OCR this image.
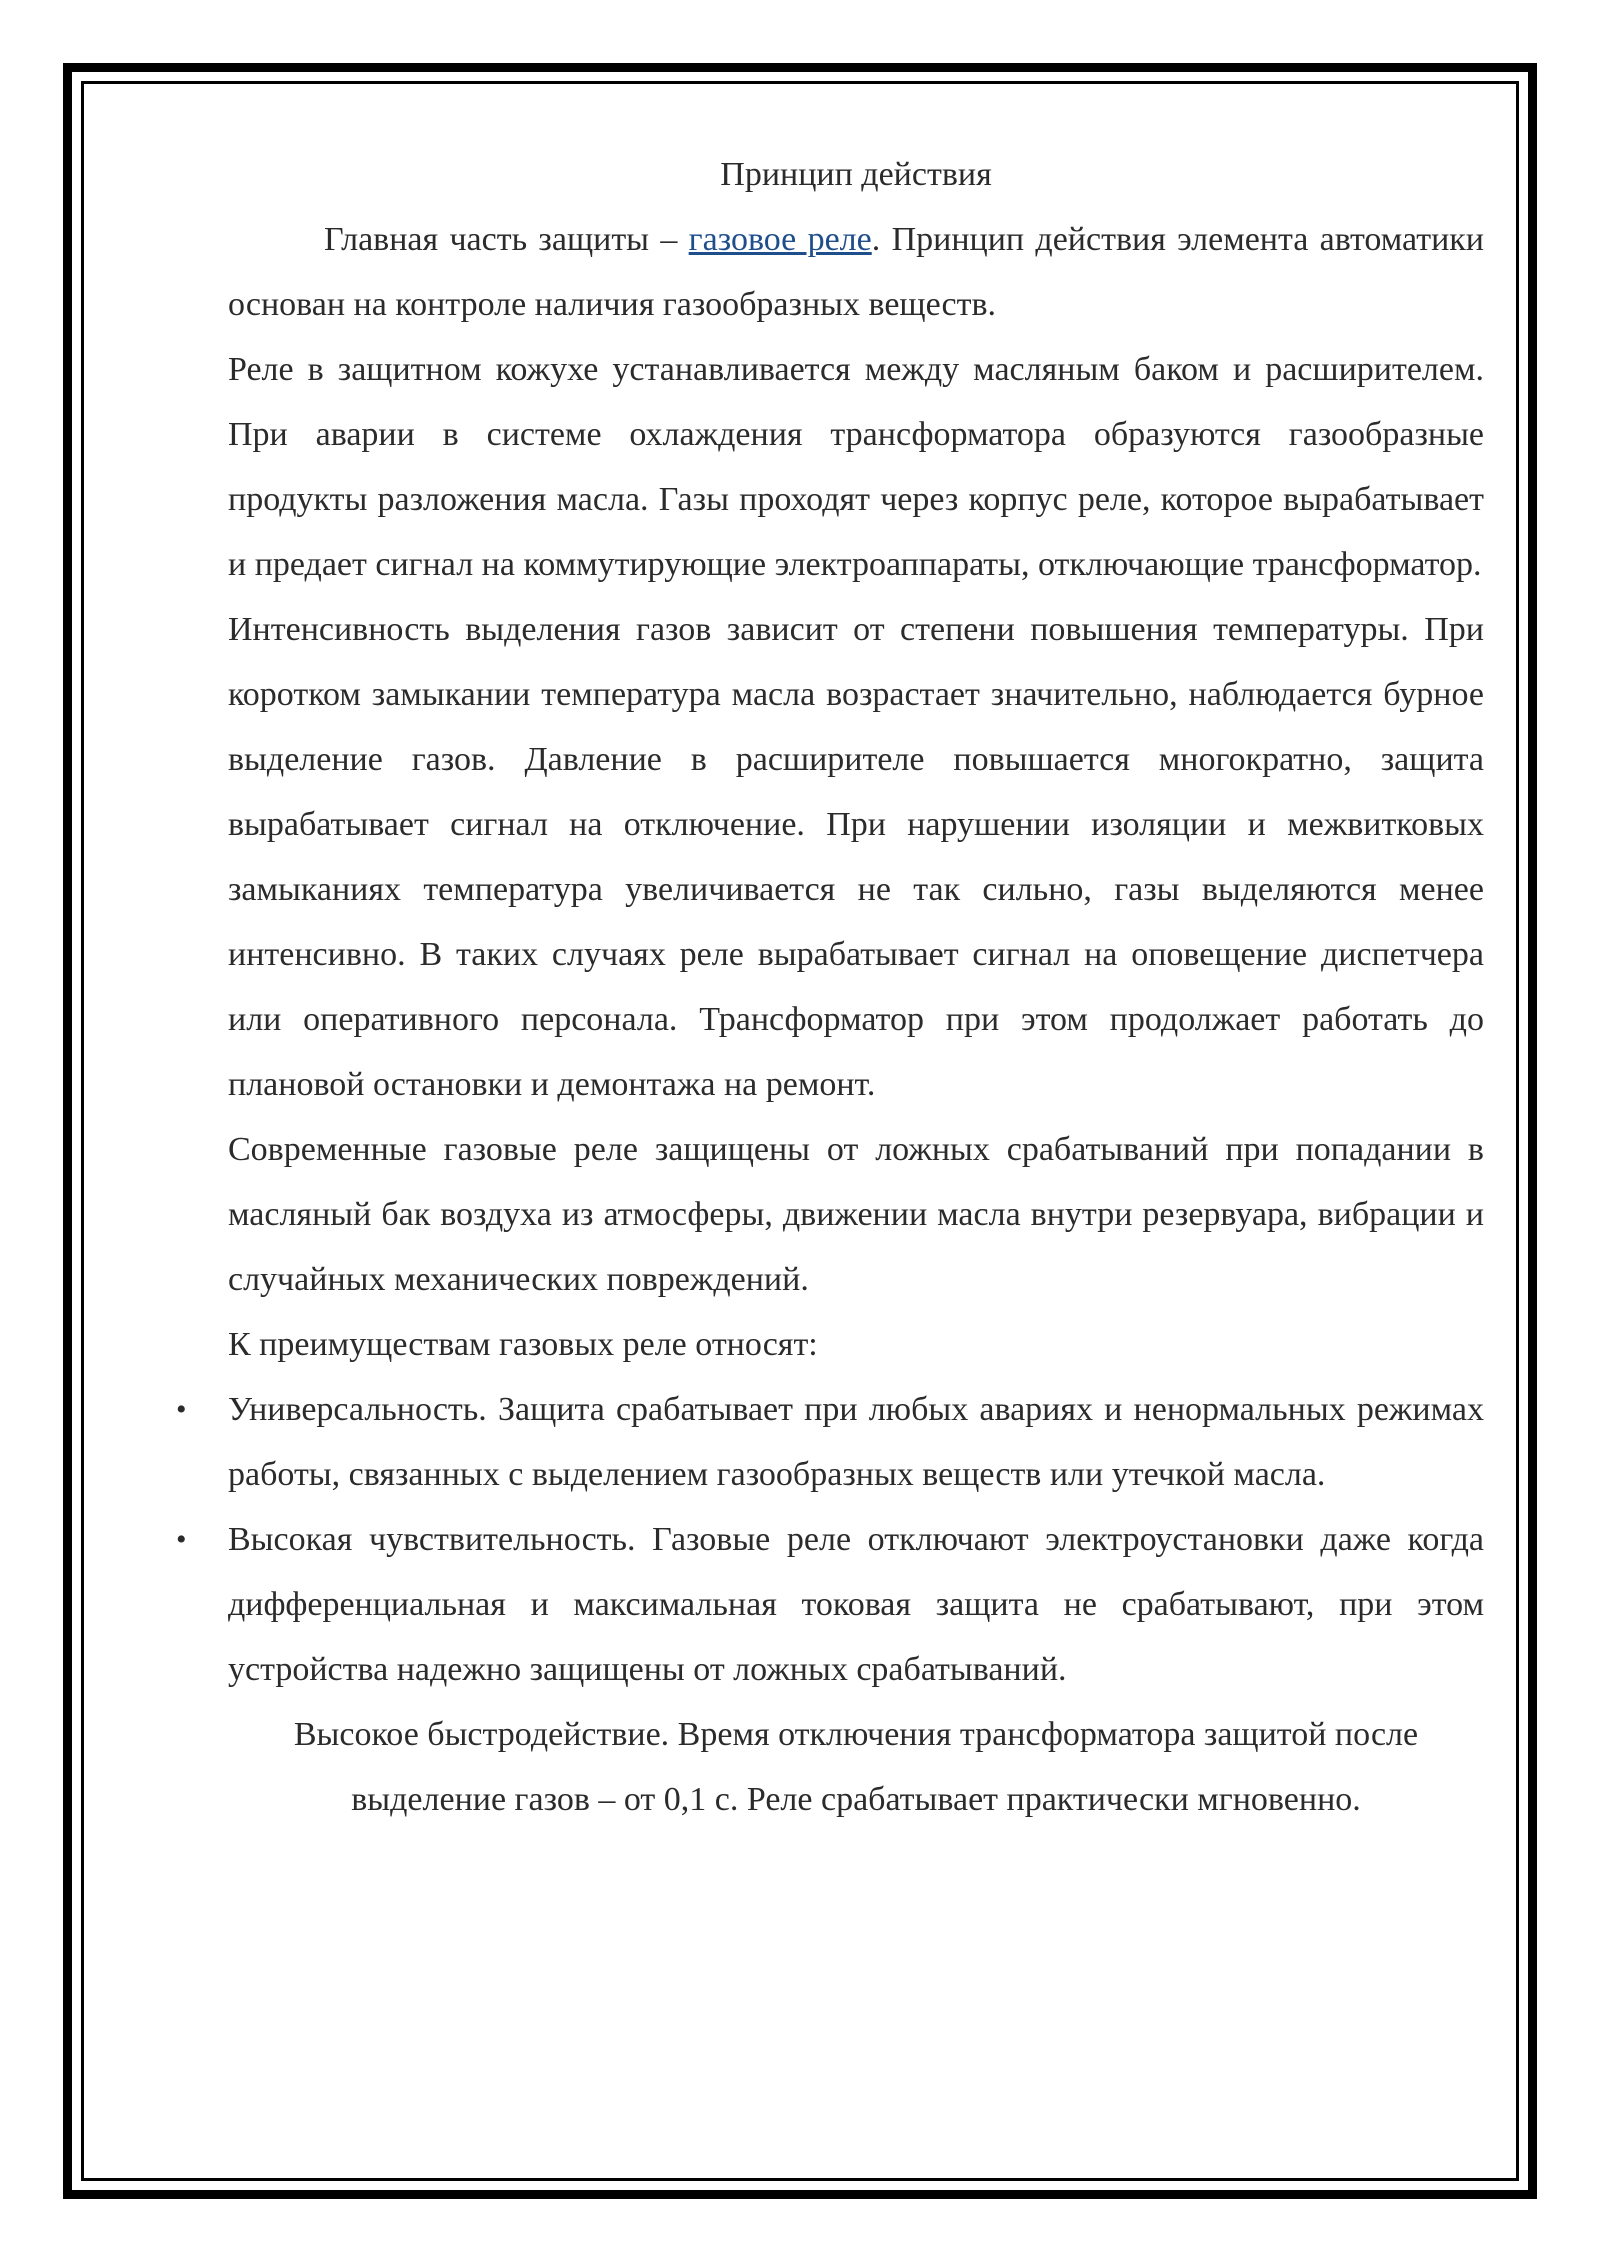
Принцип действия

Главная часть защиты – газовое реле. Принцип действия элемента автоматики основан на контроле наличия газообразных веществ.

Реле в защитном кожухе устанавливается между масляным баком и расширителем. При аварии в системе охлаждения трансформатора образуются газообразные продукты разложения масла. Газы проходят через корпус реле, которое вырабатывает и предает сигнал на коммутирующие электроаппараты, отключающие трансформатор.

Интенсивность выделения газов зависит от степени повышения температуры. При коротком замыкании температура масла возрастает значительно, наблюдается бурное выделение газов. Давление в расширителе повышается многократно, защита вырабатывает сигнал на отключение. При нарушении изоляции и межвитковых замыканиях температура увеличивается не так сильно, газы выделяются менее интенсивно. В таких случаях реле вырабатывает сигнал на оповещение диспетчера или оперативного персонала. Трансформатор при этом продолжает работать до плановой остановки и демонтажа на ремонт.

Современные газовые реле защищены от ложных срабатываний при попадании в масляный бак воздуха из атмосферы, движении масла внутри резервуара, вибрации и случайных механических повреждений.

К преимуществам газовых реле относят:

• Универсальность. Защита срабатывает при любых авариях и ненормальных режимах работы, связанных с выделением газообразных веществ или утечкой масла.
• Высокая чувствительность. Газовые реле отключают электроустановки даже когда дифференциальная и максимальная токовая защита не срабатывают, при этом устройства надежно защищены от ложных срабатываний.

Высокое быстродействие. Время отключения трансформатора защитой после выделение газов – от 0,1 с. Реле срабатывает практически мгновенно.
